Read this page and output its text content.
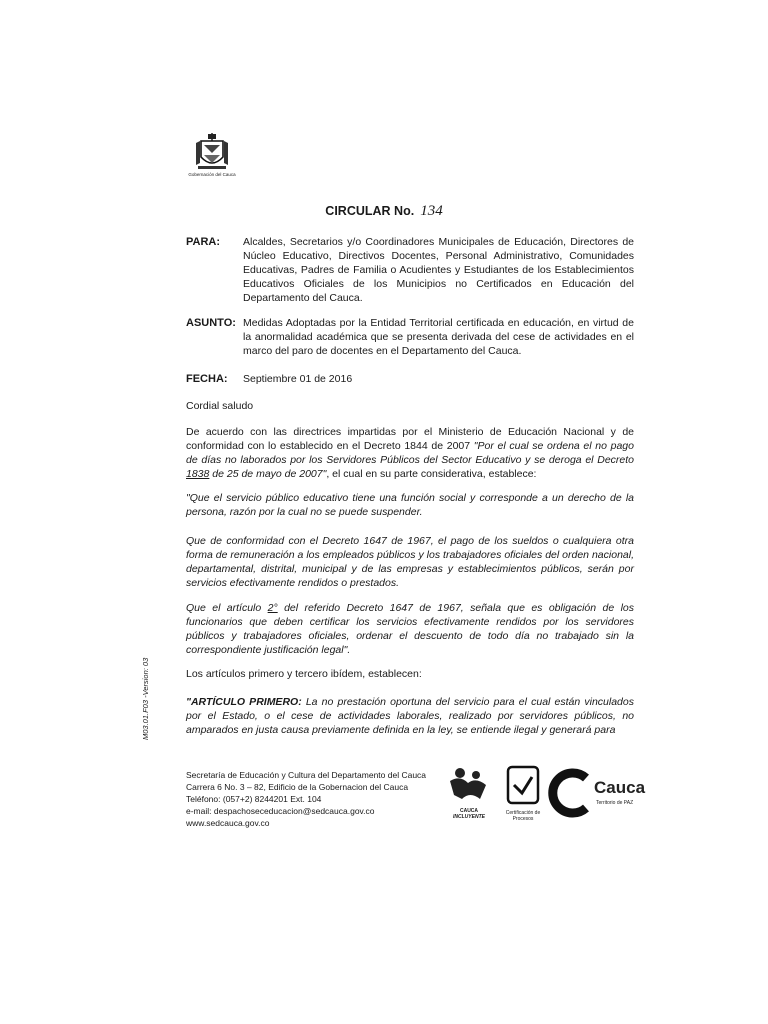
Gobernación del Cauca
CIRCULAR No. 134
PARA: Alcaldes, Secretarios y/o Coordinadores Municipales de Educación, Directores de Núcleo Educativo, Directivos Docentes, Personal Administrativo, Comunidades Educativas, Padres de Familia o Acudientes y Estudiantes de los Establecimientos Educativos Oficiales de los Municipios no Certificados en Educación del Departamento del Cauca.
ASUNTO: Medidas Adoptadas por la Entidad Territorial certificada en educación, en virtud de la anormalidad académica que se presenta derivada del cese de actividades en el marco del paro de docentes en el Departamento del Cauca.
FECHA: Septiembre 01 de 2016
Cordial saludo
De acuerdo con las directrices impartidas por el Ministerio de Educación Nacional y de conformidad con lo establecido en el Decreto 1844 de 2007 "Por el cual se ordena el no pago de días no laborados por los Servidores Públicos del Sector Educativo y se deroga el Decreto 1838 de 25 de mayo de 2007", el cual en su parte considerativa, establece:
"Que el servicio público educativo tiene una función social y corresponde a un derecho de la persona, razón por la cual no se puede suspender.
Que de conformidad con el Decreto 1647 de 1967, el pago de los sueldos o cualquiera otra forma de remuneración a los empleados públicos y los trabajadores oficiales del orden nacional, departamental, distrital, municipal y de las empresas y establecimientos públicos, serán por servicios efectivamente rendidos o prestados.
Que el artículo 2° del referido Decreto 1647 de 1967, señala que es obligación de los funcionarios que deben certificar los servicios efectivamente rendidos por los servidores públicos y trabajadores oficiales, ordenar el descuento de todo día no trabajado sin la correspondiente justificación legal".
Los artículos primero y tercero ibídem, establecen:
"ARTÍCULO PRIMERO: La no prestación oportuna del servicio para el cual están vinculados por el Estado, o el cese de actividades laborales, realizado por servidores públicos, no amparados en justa causa previamente definida en la ley, se entiende ilegal y generará para
M03.01.F03 -Version: 03
Secretaría de Educación y Cultura del Departamento del Cauca
Carrera 6 No. 3 – 82, Edificio de la Gobernacion del Cauca
Teléfono: (057+2) 8244201 Ext. 104
e-mail: despachoseceducacion@sedcauca.gov.co
www.sedcauca.gov.co
CAUCA
INCLUYENTE
Certificación de Procesos
Cauca
Territorio de PAZ
